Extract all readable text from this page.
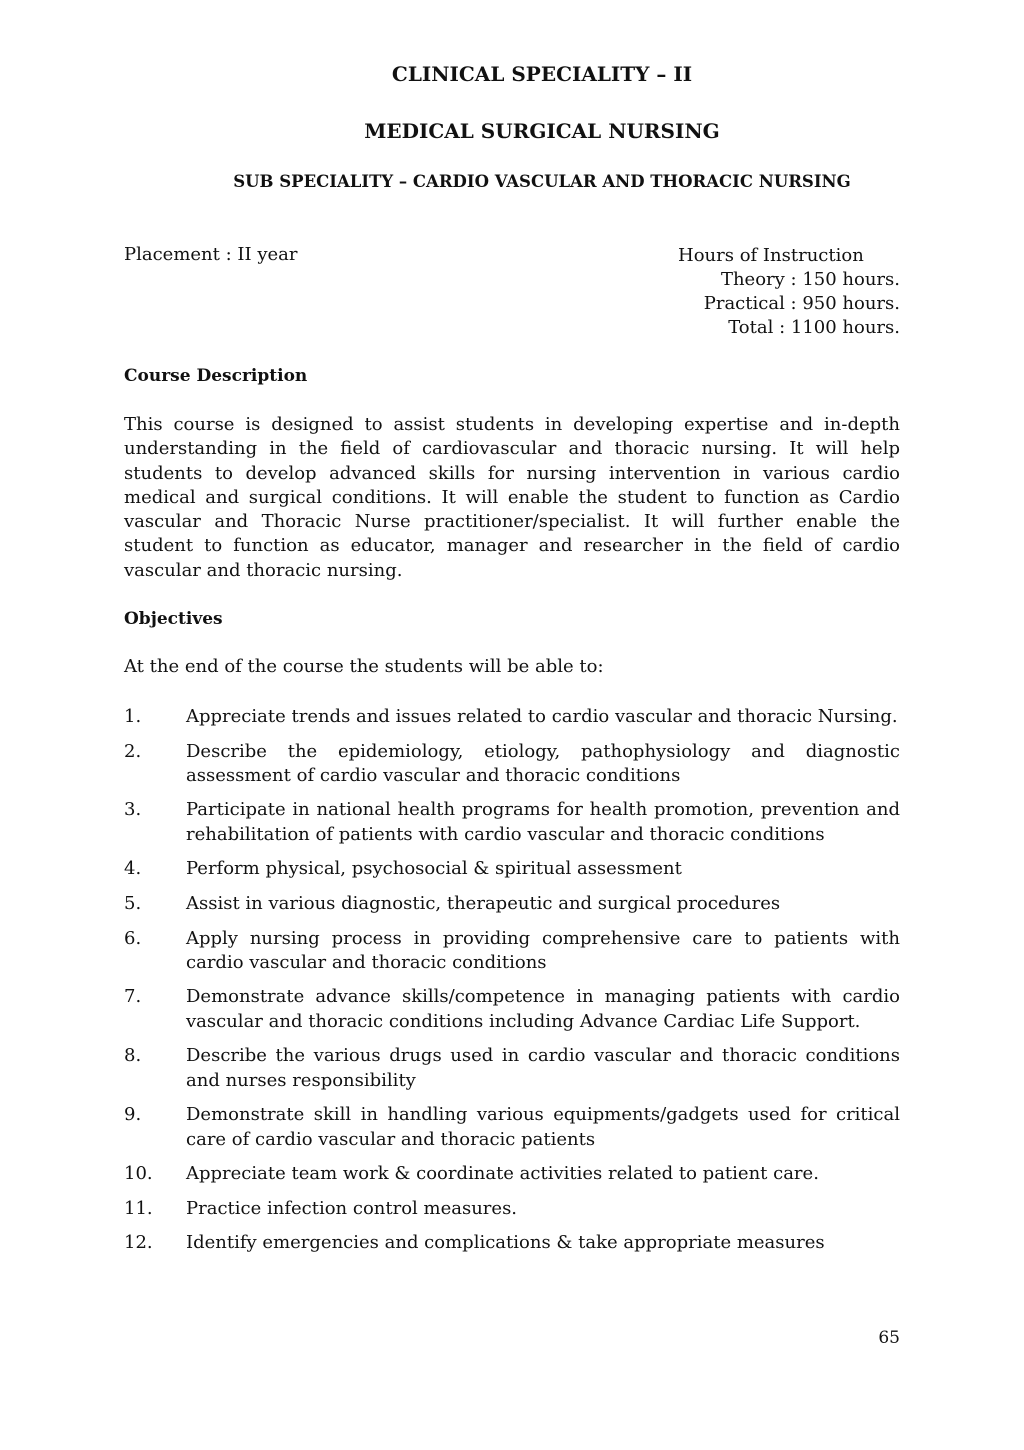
CLINICAL SPECIALITY – II
MEDICAL SURGICAL NURSING
SUB SPECIALITY – CARDIO VASCULAR AND THORACIC NURSING
Placement : II year	Hours of Instruction
Theory : 150 hours.
Practical : 950 hours.
Total : 1100 hours.
Course Description

This course is designed to assist students in developing expertise and in-depth understanding in the field of cardiovascular and thoracic nursing. It will help students to develop advanced skills for nursing intervention in various cardio medical and surgical conditions. It will enable the student to function as Cardio vascular and Thoracic Nurse practitioner/specialist. It will further enable the student to function as educator, manager and researcher in the field of cardio vascular and thoracic nursing.

Objectives

At the end of the course the students will be able to:

1.	Appreciate trends and issues related to cardio vascular and thoracic Nursing.
2.	Describe the epidemiology, etiology, pathophysiology and diagnostic assessment of cardio vascular and thoracic conditions
3.	Participate in national health programs for health promotion, prevention and rehabilitation of patients with cardio vascular and thoracic conditions
4.	Perform physical, psychosocial & spiritual assessment
5.	Assist in various diagnostic, therapeutic and surgical procedures
6.	Apply nursing process in providing comprehensive care to patients with cardio vascular and thoracic conditions
7.	Demonstrate advance skills/competence in managing patients with cardio vascular and thoracic conditions including Advance Cardiac Life Support.
8.	Describe the various drugs used in cardio vascular and thoracic conditions and nurses responsibility
9.	Demonstrate skill in handling various equipments/gadgets used for critical care of cardio vascular and thoracic patients
10.	Appreciate team work & coordinate activities related to patient care.
11.	Practice infection control measures.
12.	Identify emergencies and complications & take appropriate measures
65
